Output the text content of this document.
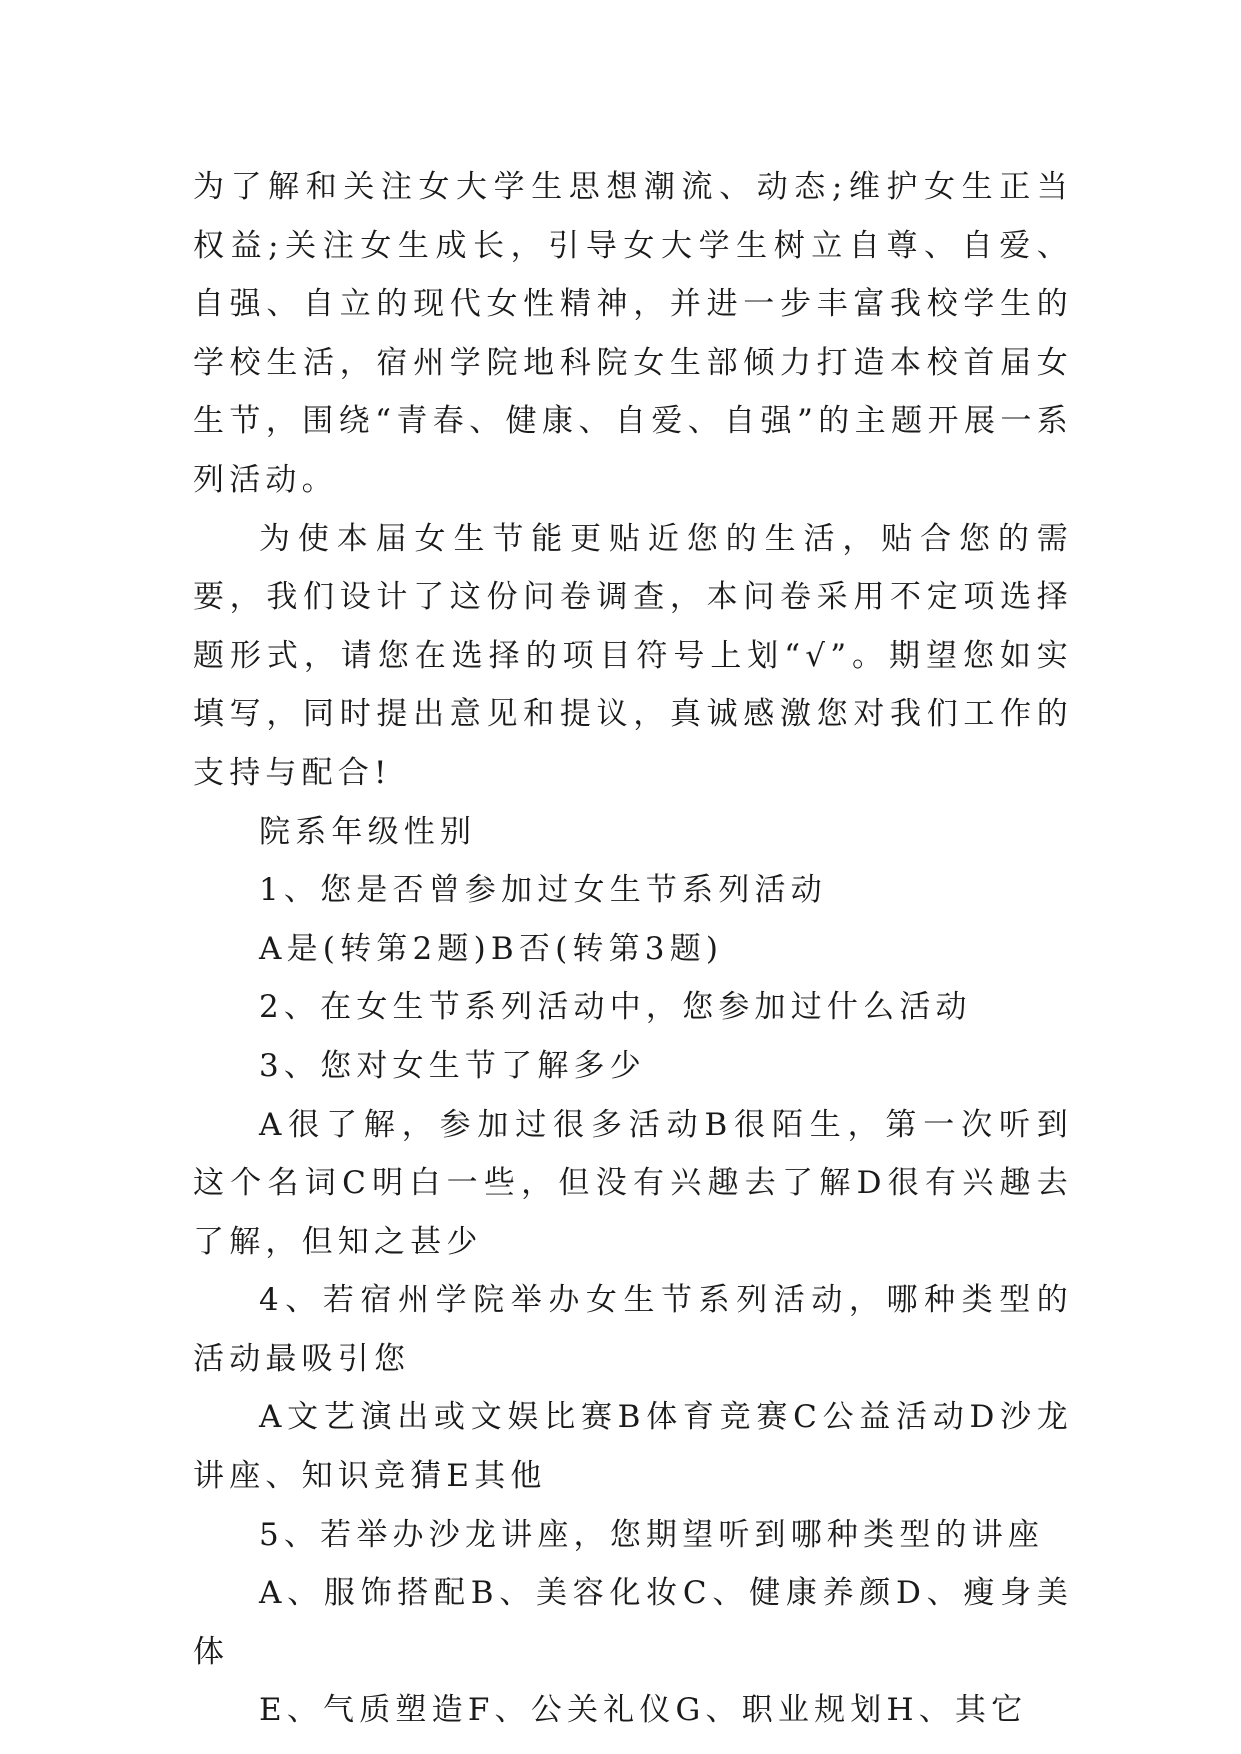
为了解和关注女大学生思想潮流、动态;维护女生正当权益;关注女生成长，引导女大学生树立自尊、自爱、自强、自立的现代女性精神，并进一步丰富我校学生的学校生活，宿州学院地科院女生部倾力打造本校首届女生节，围绕“青春、健康、自爱、自强”的主题开展一系列活动。

为使本届女生节能更贴近您的生活，贴合您的需要，我们设计了这份问卷调查，本问卷采用不定项选择题形式，请您在选择的项目符号上划“√”。期望您如实填写，同时提出意见和提议，真诚感激您对我们工作的支持与配合!

院系年级性别

1、您是否曾参加过女生节系列活动

A是(转第2题)B否(转第3题)

2、在女生节系列活动中，您参加过什么活动

3、您对女生节了解多少

A很了解，参加过很多活动B很陌生，第一次听到这个名词C明白一些，但没有兴趣去了解D很有兴趣去了解，但知之甚少

4、若宿州学院举办女生节系列活动，哪种类型的活动最吸引您

A文艺演出或文娱比赛B体育竞赛C公益活动D沙龙讲座、知识竞猜E其他

5、若举办沙龙讲座，您期望听到哪种类型的讲座

A、服饰搭配B、美容化妆C、健康养颜D、瘦身美体

E、气质塑造F、公关礼仪G、职业规划H、其它
